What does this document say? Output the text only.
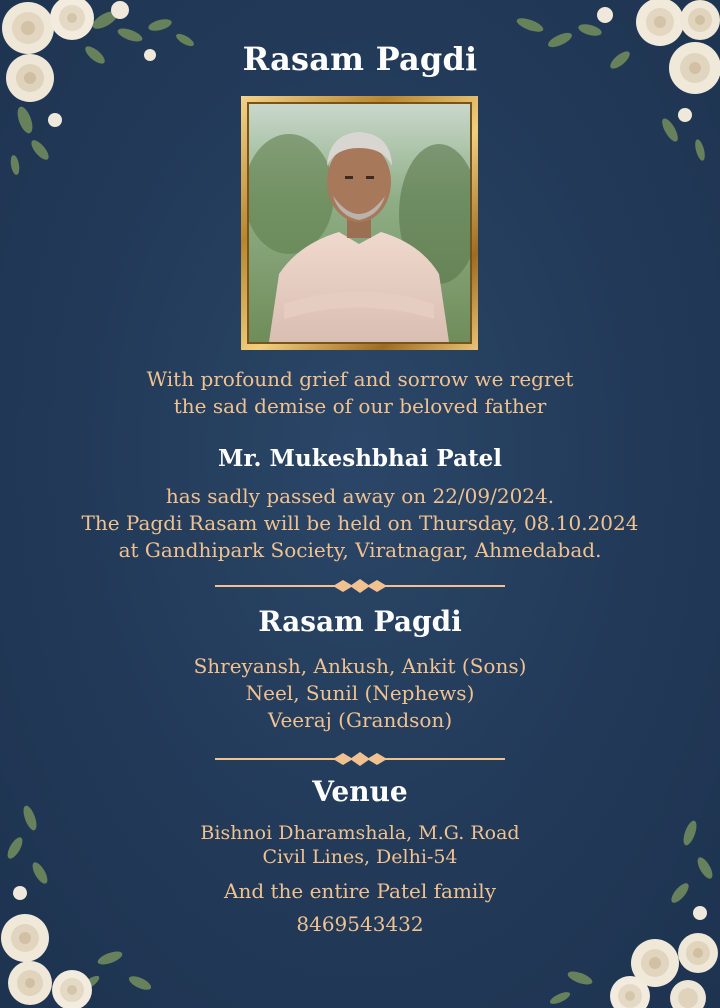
Rasam Pagdi
With profound grief and sorrow we regret
the sad demise of our beloved father
Mr. Mukeshbhai Patel
has sadly passed away on 22/09/2024.
The Pagdi Rasam will be held on Thursday, 08.10.2024
at Gandhipark Society, Viratnagar, Ahmedabad.
Rasam Pagdi
Shreyansh, Ankush, Ankit (Sons)
Neel, Sunil (Nephews)
Veeraj (Grandson)
Venue
Bishnoi Dharamshala, M.G. Road
Civil Lines, Delhi-54
And the entire Patel family
8469543432
